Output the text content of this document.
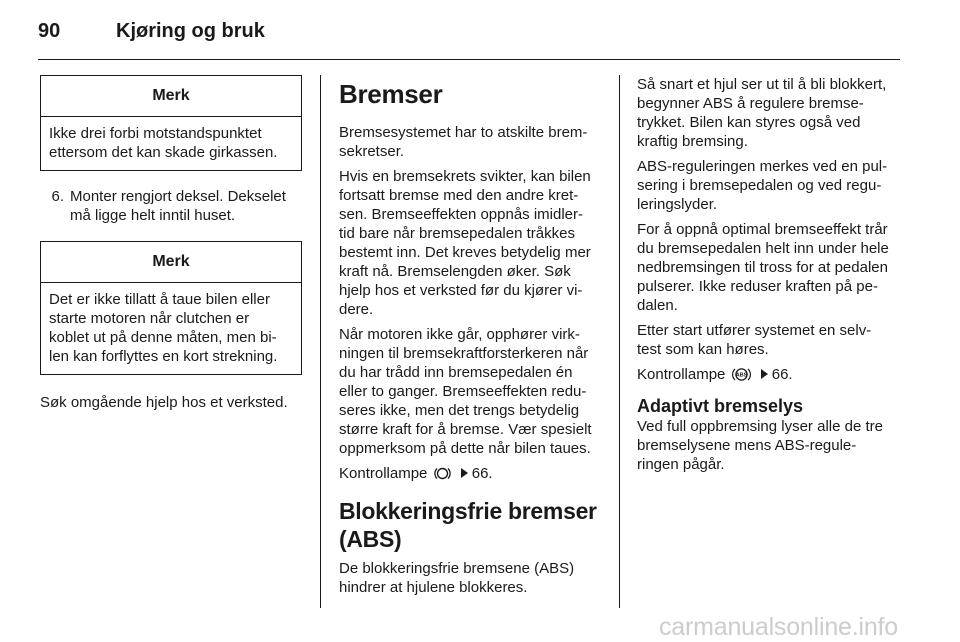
90	Kjøring og bruk
Merk
Ikke drei forbi motstandspunktet
ettersom det kan skade girkassen.
6. Monter rengjort deksel. Dekselet
må ligge helt inntil huset.
Merk
Det er ikke tillatt å taue bilen eller
starte motoren når clutchen er
koblet ut på denne måten, men bi-
len kan forflyttes en kort strekning.

Søk omgående hjelp hos et verksted.

Bremser

Bremsesystemet har to atskilte brem-
sekretser.

Hvis en bremsekrets svikter, kan bilen
fortsatt bremse med den andre kret-
sen. Bremseeffekten oppnås imidler-
tid bare når bremsepedalen tråkkes
bestemt inn. Det kreves betydelig mer
kraft nå. Bremselengden øker. Søk
hjelp hos et verksted før du kjører vi-
dere.

Når motoren ikke går, opphører virk-
ningen til bremsekraftforsterkeren når
du har trådd inn bremsepedalen én
eller to ganger. Bremseeffekten redu-
seres ikke, men det trengs betydelig
større kraft for å bremse. Vær spesielt
oppmerksom på dette når bilen taues.

Kontrollampe	66.

Blokkeringsfrie bremser
(ABS)

De blokkeringsfrie bremsene (ABS)
hindrer at hjulene blokkeres.

Så snart et hjul ser ut til å bli blokkert,
begynner ABS å regulere bremse-
trykket. Bilen kan styres også ved
kraftig bremsing.

ABS-reguleringen merkes ved en pul-
sering i bremsepedalen og ved regu-
leringslyder.

For å oppnå optimal bremseeffekt trår
du bremsepedalen helt inn under hele
nedbremsingen til tross for at pedalen
pulserer. Ikke reduser kraften på pe-
dalen.

Etter start utfører systemet en selv-
test som kan høres.

Kontrollampe ABS 66.

Adaptivt bremselys

Ved full oppbremsing lyser alle de tre
bremselysene mens ABS-regule-
ringen pågår.

carmanualsonline.info
